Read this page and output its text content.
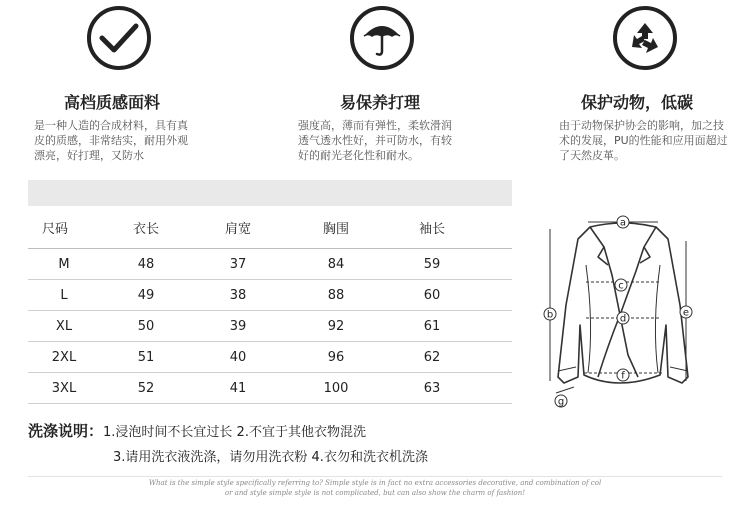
高档质感面料
是一种人造的合成材料，具有真皮的质感，非常结实，耐用外观漂亮，好打理，又防水
易保养打理
强度高，薄而有弹性，柔软滑润透气透水性好，并可防水，有较好的耐光老化性和耐水。
保护动物，低碳
由于动物保护协会的影响，加之技术的发展，PU的性能和应用面超过了天然皮革。
尺码	衣长	肩宽	胸围	袖长
M	48	37	84	59
L	49	38	88	60
XL	50	39	92	61
2XL	51	40	96	62
3XL	52	41	100	63
a
b
c
d
e
f
g
洗涤说明：1.浸泡时间不长宜过长 2.不宜于其他衣物混洗
3.请用洗衣液洗涤，请勿用洗衣粉 4.衣勿和洗衣机洗涤
What is the simple style specifically referring to? Simple style is in fact no extra accessories decorative, and combination of col
or and style simple style is not complicated, but can also show the charm of fashion!
